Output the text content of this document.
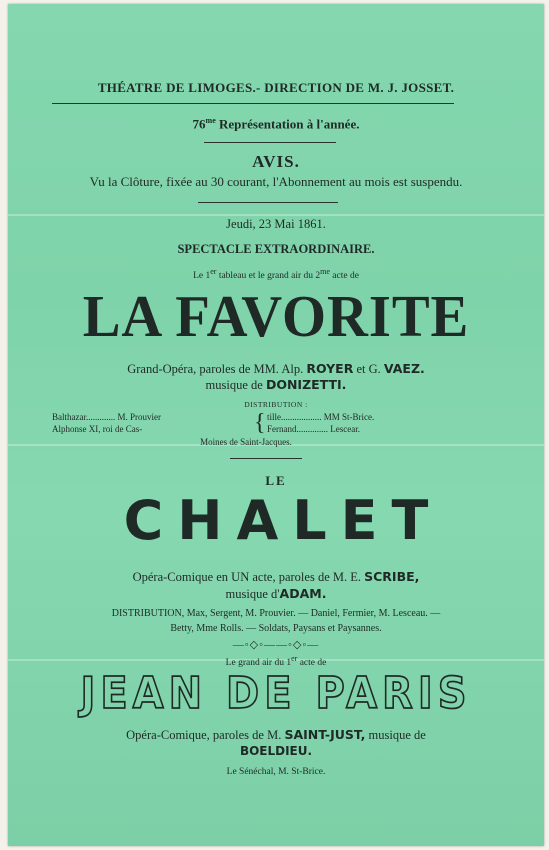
THÉATRE DE LIMOGES.- DIRECTION DE M. J. JOSSET.
$76^{me}$ Représentation à l'année.
AVIS.
Vu la Clôture, fixée au 30 courant, l'Abonnement au mois est suspendu.
Jeudi, 23 Mai 1861.
SPECTACLE EXTRAORDINAIRE.
Le 1er tableau et le grand air du $2^{me}$ acte de
LA FAVORITE
Grand-Opéra, paroles de MM. Alp. ROYER et G. VAEZ.
musique de DONIZETTI.
DISTRIBUTION :
Balthazar............. M. Prouvier
Alphonse XI, roi de Cas-	{ tille.................. MM St-Brice.
Fernand.............. Lescear.
Moines de Saint-Jacques.
LE
CHALET
Opéra-Comique en UN acte, paroles de M. E. SCRIBE,
musique d'ADAM.
DISTRIBUTION, Max, Sergent, M. Prouvier. — Daniel, Fermier, M. Lesceau. —
Betty, Mme Rolls. — Soldats, Paysans et Paysannes.
—◦◇◦——◦◇◦—
Le grand air du 1er acte de
JEAN DE PARIS
Opéra-Comique, paroles de M. SAINT-JUST, musique de
BOELDIEU.
Le Sénéchal, M. St-Brice.
